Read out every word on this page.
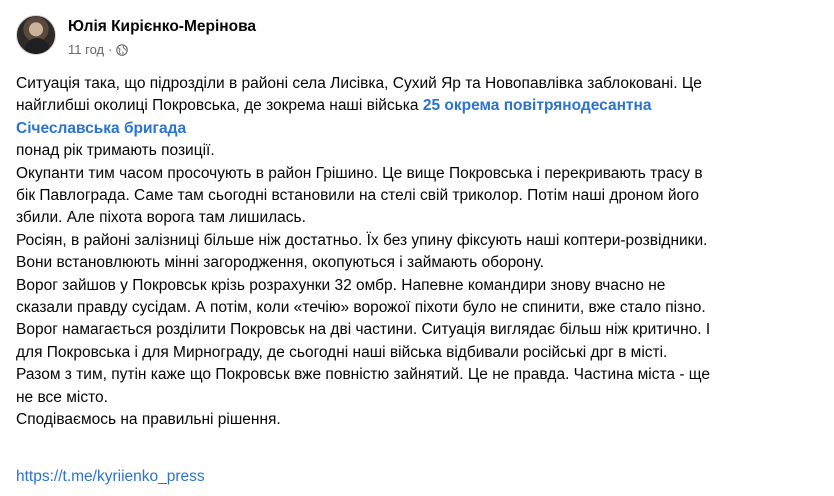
Юлія Кирієнко-Мерінова
11 год ·
Ситуація така, що підрозділи в районі села Лисівка, Сухий Яр та Новопавлівка заблоковані. Це
найглибші околиці Покровська, де зокрема наші війська 25 окрема повітрянодесантна
Січеславська бригада
понад рік тримають позиції.
Окупанти тим часом просочують в район Грішино. Це вище Покровська і перекривають трасу в
бік Павлограда. Саме там сьогодні встановили на стелі свій триколор. Потім наші дроном його
збили. Але піхота ворога там лишилась.
Росіян, в районі залізниці більше ніж достатньо. Їх без упину фіксують наші коптери-розвідники.
Вони встановлюють мінні загородження, окопуються і займають оборону.
Ворог зайшов у Покровськ крізь розрахунки 32 омбр. Напевне командири знову вчасно не
сказали правду сусідам. А потім, коли «течію» ворожої піхоти було не спинити, вже стало пізно.
Ворог намагається розділити Покровськ на дві частини. Ситуація виглядає більш ніж критично. І
для Покровська і для Мирнограду, де сьогодні наші війська відбивали російські дрг в місті.
Разом з тим, путін каже що Покровськ вже повністю зайнятий. Це не правда. Частина міста - ще
не все місто.
Сподіваємось на правильні рішення.
https://t.me/kyriienko_press
